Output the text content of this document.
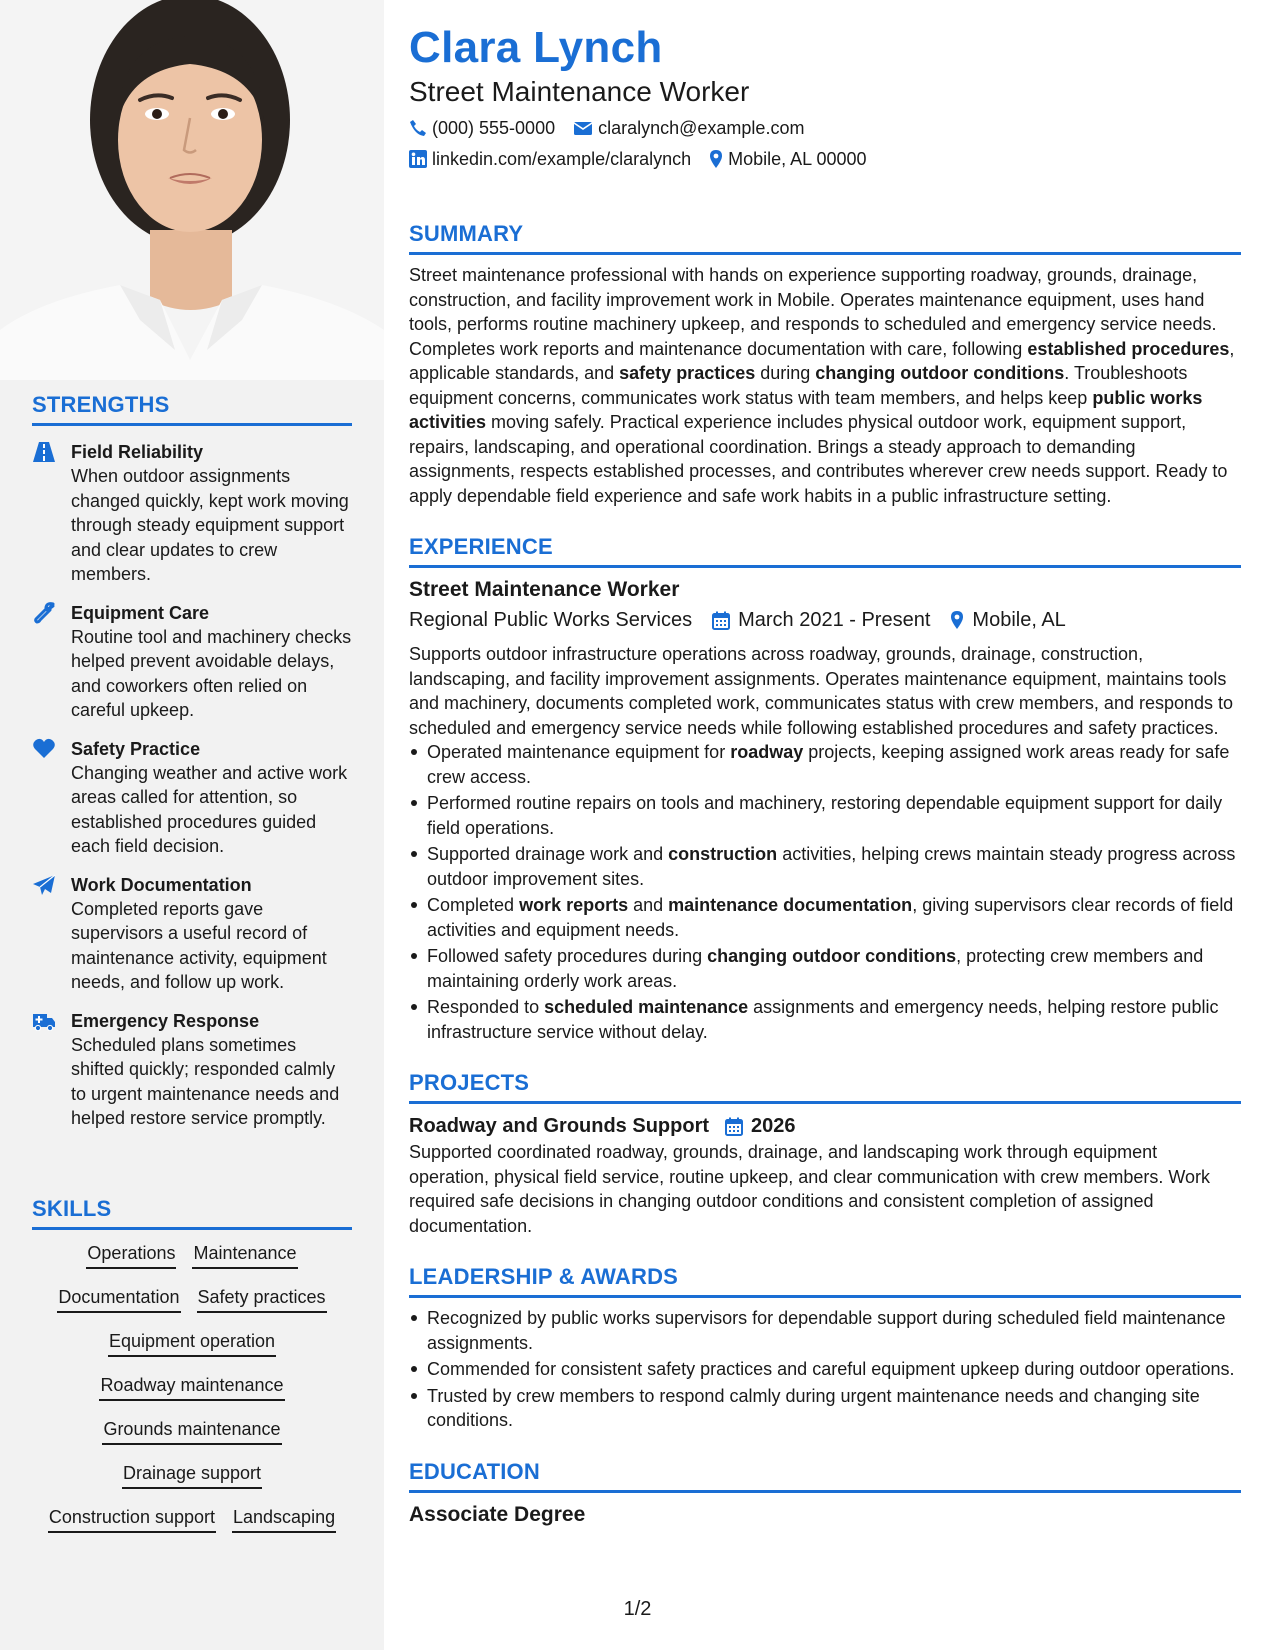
STRENGTHS
Field Reliability
When outdoor assignments changed quickly, kept work moving through steady equipment support and clear updates to crew members.
Equipment Care
Routine tool and machinery checks helped prevent avoidable delays, and coworkers often relied on careful upkeep.
Safety Practice
Changing weather and active work areas called for attention, so established procedures guided each field decision.
Work Documentation
Completed reports gave supervisors a useful record of maintenance activity, equipment needs, and follow up work.
Emergency Response
Scheduled plans sometimes shifted quickly; responded calmly to urgent maintenance needs and helped restore service promptly.
SKILLS
Operations Maintenance
Documentation Safety practices
Equipment operation
Roadway maintenance
Grounds maintenance
Drainage support
Construction support Landscaping
Clara Lynch
Street Maintenance Worker
(000) 555-0000 claralynch@example.com
linkedin.com/example/claralynch Mobile, AL 00000
SUMMARY

Street maintenance professional with hands on experience supporting roadway, grounds, drainage, construction, and facility improvement work in Mobile. Operates maintenance equipment, uses hand tools, performs routine machinery upkeep, and responds to scheduled and emergency service needs. Completes work reports and maintenance documentation with care, following established procedures, applicable standards, and safety practices during changing outdoor conditions. Troubleshoots equipment concerns, communicates work status with team members, and helps keep public works activities moving safely. Practical experience includes physical outdoor work, equipment support, repairs, landscaping, and operational coordination. Brings a steady approach to demanding assignments, respects established processes, and contributes wherever crew needs support. Ready to apply dependable field experience and safe work habits in a public infrastructure setting.

EXPERIENCE
Street Maintenance Worker
Regional Public Works Services March 2021 - Present Mobile, AL

Supports outdoor infrastructure operations across roadway, grounds, drainage, construction, landscaping, and facility improvement assignments. Operates maintenance equipment, maintains tools and machinery, documents completed work, communicates status with crew members, and responds to scheduled and emergency service needs while following established procedures and safety practices.

Operated maintenance equipment for roadway projects, keeping assigned work areas ready for safe crew access.
Performed routine repairs on tools and machinery, restoring dependable equipment support for daily field operations.
Supported drainage work and construction activities, helping crews maintain steady progress across outdoor improvement sites.
Completed work reports and maintenance documentation, giving supervisors clear records of field activities and equipment needs.
Followed safety procedures during changing outdoor conditions, protecting crew members and maintaining orderly work areas.
Responded to scheduled maintenance assignments and emergency needs, helping restore public infrastructure service without delay.
PROJECTS
Roadway and Grounds Support 2026

Supported coordinated roadway, grounds, drainage, and landscaping work through equipment operation, physical field service, routine upkeep, and clear communication with crew members. Work required safe decisions in changing outdoor conditions and consistent completion of assigned documentation.

LEADERSHIP & AWARDS
Recognized by public works supervisors for dependable support during scheduled field maintenance assignments.
Commended for consistent safety practices and careful equipment upkeep during outdoor operations.
Trusted by crew members to respond calmly during urgent maintenance needs and changing site conditions.
EDUCATION
Associate Degree
1/2
